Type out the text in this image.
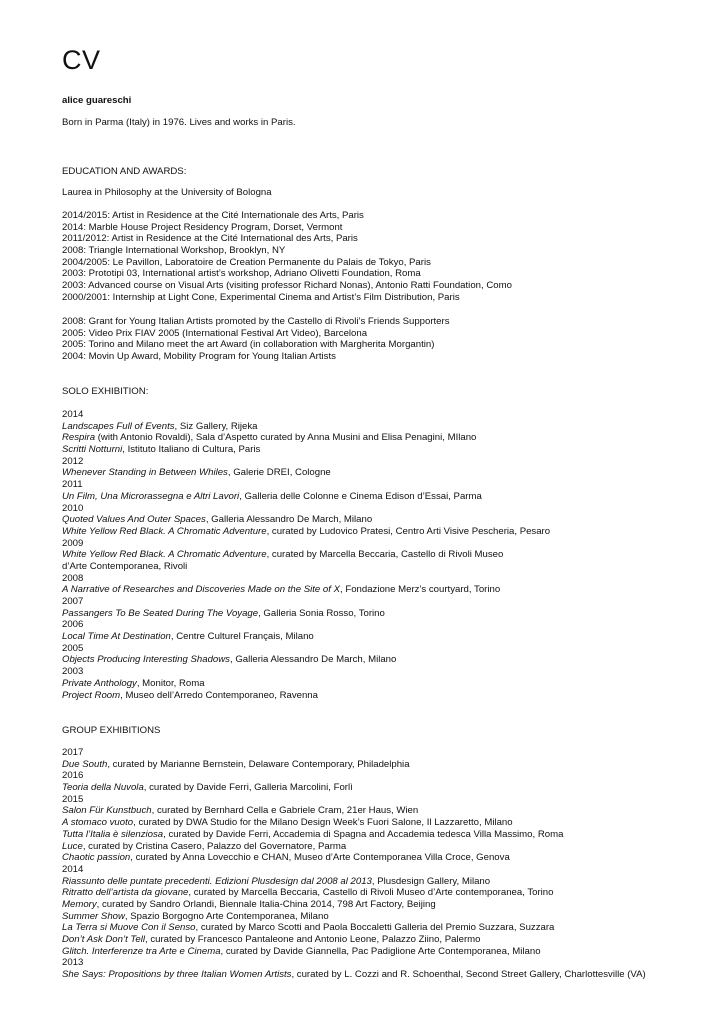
CV
alice guareschi
Born in Parma (Italy) in 1976. Lives and works in Paris.
EDUCATION AND AWARDS:
Laurea in Philosophy at the University of Bologna
2014/2015: Artist in Residence at the Cité Internationale des Arts, Paris
2014: Marble House Project Residency Program, Dorset, Vermont
2011/2012: Artist in Residence at the Cité International des Arts, Paris
2008: Triangle International Workshop, Brooklyn, NY
2004/2005: Le Pavillon, Laboratoire de Creation Permanente du Palais de Tokyo, Paris
2003: Prototipi 03, International artist’s workshop, Adriano Olivetti Foundation, Roma
2003: Advanced course on Visual Arts (visiting professor Richard Nonas), Antonio Ratti Foundation, Como
2000/2001: Internship at Light Cone, Experimental Cinema and Artist’s Film Distribution, Paris
2008: Grant for Young Italian Artists promoted by the Castello di Rivoli’s Friends Supporters
2005: Video Prix FIAV 2005 (International Festival Art Video), Barcelona
2005: Torino and Milano meet the art Award (in collaboration with Margherita Morgantin)
2004: Movin Up Award, Mobility Program for Young Italian Artists
SOLO EXHIBITION:
2014
Landscapes Full of Events, Siz Gallery, Rijeka
Respira (with Antonio Rovaldi), Sala d’Aspetto curated by Anna Musini and Elisa Penagini, MIlano
Scritti Notturni, Istituto Italiano di Cultura, Paris
2012
Whenever Standing in Between Whiles, Galerie DREI, Cologne
2011
Un Film, Una Microrassegna e Altri Lavori, Galleria delle Colonne e Cinema Edison d’Essai, Parma
2010
Quoted Values And Outer Spaces, Galleria Alessandro De March, Milano
White Yellow Red Black. A Chromatic Adventure, curated by Ludovico Pratesi, Centro Arti Visive Pescheria, Pesaro
2009
White Yellow Red Black. A Chromatic Adventure, curated by Marcella Beccaria, Castello di Rivoli Museo
d’Arte Contemporanea, Rivoli
2008
A Narrative of Researches and Discoveries Made on the Site of X, Fondazione Merz’s courtyard, Torino
2007
Passangers To Be Seated During The Voyage, Galleria Sonia Rosso, Torino
2006
Local Time At Destination, Centre Culturel Français, Milano
2005
Objects Producing Interesting Shadows, Galleria Alessandro De March, Milano
2003
Private Anthology, Monitor, Roma
Project Room, Museo dell’Arredo Contemporaneo, Ravenna
GROUP EXHIBITIONS
2017
Due South, curated by Marianne Bernstein, Delaware Contemporary, Philadelphia
2016
Teoria della Nuvola, curated by Davide Ferri, Galleria Marcolini, Forlì
2015
Salon Für Kunstbuch, curated by Bernhard Cella e Gabriele Cram, 21er Haus, Wien
A stomaco vuoto, curated by DWA Studio for the Milano Design Week’s Fuori Salone, Il Lazzaretto, Milano
Tutta l’Italia è silenziosa, curated by Davide Ferri, Accademia di Spagna and Accademia tedesca Villa Massimo, Roma
Luce, curated by Cristina Casero, Palazzo del Governatore, Parma
Chaotic passion, curated by Anna Lovecchio e CHAN, Museo d’Arte Contemporanea Villa Croce, Genova
2014
Riassunto delle puntate precedenti. Edizioni Plusdesign dal 2008 al 2013, Plusdesign Gallery, Milano
Ritratto dell’artista da giovane, curated by Marcella Beccaria, Castello di Rivoli Museo d’Arte contemporanea, Torino
Memory, curated by Sandro Orlandi, Biennale Italia-China 2014, 798 Art Factory, Beijing
Summer Show, Spazio Borgogno Arte Contemporanea, Milano
La Terra si Muove Con il Senso, curated by Marco Scotti and Paola Boccaletti Galleria del Premio Suzzara, Suzzara
Don’t Ask Don’t Tell, curated by Francesco Pantaleone and Antonio Leone, Palazzo Ziino, Palermo
Glitch. Interferenze tra Arte e Cinema, curated by Davide Giannella, Pac Padiglione Arte Contemporanea, Milano
2013
She Says: Propositions by three Italian Women Artists, curated by L. Cozzi and R. Schoenthal, Second Street Gallery, Charlottesville (VA)
